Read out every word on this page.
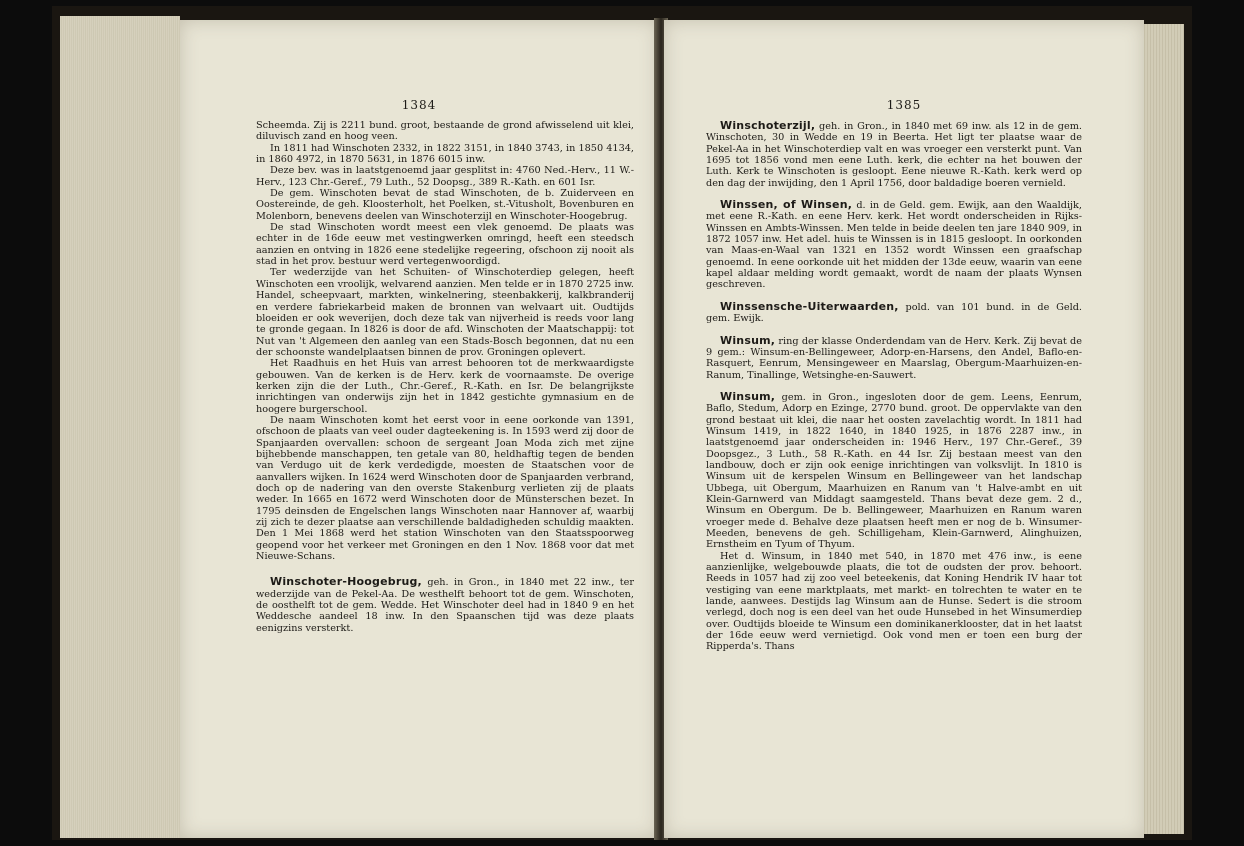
1384

Scheemda. Zij is 2211 bund. groot, bestaande de grond afwisselend uit klei, diluvisch zand en hoog veen.

In 1811 had Winschoten 2332, in 1822 3151, in 1840 3743, in 1850 4134, in 1860 4972, in 1870 5631, in 1876 6015 inw.

Deze bev. was in laatstgenoemd jaar gesplitst in: 4760 Ned.-Herv., 11 W.-Herv., 123 Chr.-Geref., 79 Luth., 52 Doopsg., 389 R.-Kath. en 601 Isr.

De gem. Winschoten bevat de stad Winschoten, de b. Zuiderveen en Oostereinde, de geh. Kloosterholt, het Poelken, st.-Vitusholt, Bovenburen en Molenborn, benevens deelen van Winschoterzijl en Winschoter-Hoogebrug.

De stad Winschoten wordt meest een vlek genoemd. De plaats was echter in de 16de eeuw met vestingwerken omringd, heeft een steedsch aanzien en ontving in 1826 eene stedelijke regeering, ofschoon zij nooit als stad in het prov. bestuur werd vertegenwoordigd.

Ter wederzijde van het Schuiten- of Winschoterdiep gelegen, heeft Winschoten een vroolijk, welvarend aanzien. Men telde er in 1870 2725 inw. Handel, scheepvaart, markten, winkelnering, steenbakkerij, kalkbranderij en verdere fabriekarbeid maken de bronnen van welvaart uit. Oudtijds bloeiden er ook weverijen, doch deze tak van nijverheid is reeds voor lang te gronde gegaan. In 1826 is door de afd. Winschoten der Maatschappij: tot Nut van 't Algemeen den aanleg van een Stads-Bosch begonnen, dat nu een der schoonste wandelplaatsen binnen de prov. Groningen oplevert.

Het Raadhuis en het Huis van arrest behooren tot de merkwaardigste gebouwen. Van de kerken is de Herv. kerk de voornaamste. De overige kerken zijn die der Luth., Chr.-Geref., R.-Kath. en Isr. De belangrijkste inrichtingen van onderwijs zijn het in 1842 gestichte gymnasium en de hoogere burgerschool.

De naam Winschoten komt het eerst voor in eene oorkonde van 1391, ofschoon de plaats van veel ouder dagteekening is. In 1593 werd zij door de Spanjaarden overvallen: schoon de sergeant Joan Moda zich met zijne bijhebbende manschappen, ten getale van 80, heldhaftig tegen de benden van Verdugo uit de kerk verdedigde, moesten de Staatschen voor de aanvallers wijken. In 1624 werd Winschoten door de Spanjaarden verbrand, doch op de nadering van den overste Stakenburg verlieten zij de plaats weder. In 1665 en 1672 werd Winschoten door de Münsterschen bezet. In 1795 deinsden de Engelschen langs Winschoten naar Hannover af, waarbij zij zich te dezer plaatse aan verschillende baldadigheden schuldig maakten. Den 1 Mei 1868 werd het station Winschoten van den Staatsspoorweg geopend voor het verkeer met Groningen en den 1 Nov. 1868 voor dat met Nieuwe-Schans.

Winschoter-Hoogebrug, geh. in Gron., in 1840 met 22 inw., ter wederzijde van de Pekel-Aa. De westhelft behoort tot de gem. Winschoten, de oosthelft tot de gem. Wedde. Het Winschoter deel had in 1840 9 en het Weddesche aandeel 18 inw. In den Spaanschen tijd was deze plaats eenigzins versterkt.

1385

Winschoterzijl, geh. in Gron., in 1840 met 69 inw. als 12 in de gem. Winschoten, 30 in Wedde en 19 in Beerta. Het ligt ter plaatse waar de Pekel-Aa in het Winschoterdiep valt en was vroeger een versterkt punt. Van 1695 tot 1856 vond men eene Luth. kerk, die echter na het bouwen der Luth. Kerk te Winschoten is gesloopt. Eene nieuwe R.-Kath. kerk werd op den dag der inwijding, den 1 April 1756, door baldadige boeren vernield.

Winssen, of Winsen, d. in de Geld. gem. Ewijk, aan den Waaldijk, met eene R.-Kath. en eene Herv. kerk. Het wordt onderscheiden in Rijks-Winssen en Ambts-Winssen. Men telde in beide deelen ten jare 1840 909, in 1872 1057 inw. Het adel. huis te Winssen is in 1815 gesloopt. In oorkonden van Maas-en-Waal van 1321 en 1352 wordt Winssen een graafschap genoemd. In eene oorkonde uit het midden der 13de eeuw, waarin van eene kapel aldaar melding wordt gemaakt, wordt de naam der plaats Wynsen geschreven.

Winssensche-Uiterwaarden, pold. van 101 bund. in de Geld. gem. Ewijk.

Winsum, ring der klasse Onderdendam van de Herv. Kerk. Zij bevat de 9 gem.: Winsum-en-Bellingeweer, Adorp-en-Harsens, den Andel, Baflo-en-Rasquert, Eenrum, Mensingeweer en Maarslag, Obergum-Maarhuizen-en-Ranum, Tinallinge, Wetsinghe-en-Sauwert.

Winsum, gem. in Gron., ingesloten door de gem. Leens, Eenrum, Baflo, Stedum, Adorp en Ezinge, 2770 bund. groot. De oppervlakte van den grond bestaat uit klei, die naar het oosten zavelachtig wordt. In 1811 had Winsum 1419, in 1822 1640, in 1840 1925, in 1876 2287 inw., in laatstgenoemd jaar onderscheiden in: 1946 Herv., 197 Chr.-Geref., 39 Doopsgez., 3 Luth., 58 R.-Kath. en 44 Isr. Zij bestaan meest van den landbouw, doch er zijn ook eenige inrichtingen van volksvlijt. In 1810 is Winsum uit de kerspelen Winsum en Bellingeweer van het landschap Ubbega, uit Obergum, Maarhuizen en Ranum van 't Halve-ambt en uit Klein-Garnwerd van Middagt saamgesteld. Thans bevat deze gem. 2 d., Winsum en Obergum. De b. Bellingeweer, Maarhuizen en Ranum waren vroeger mede d. Behalve deze plaatsen heeft men er nog de b. Winsumer-Meeden, benevens de geh. Schilligeham, Klein-Garnwerd, Alinghuizen, Ernstheim en Tyum of Thyum.

Het d. Winsum, in 1840 met 540, in 1870 met 476 inw., is eene aanzienlijke, welgebouwde plaats, die tot de oudsten der prov. behoort. Reeds in 1057 had zij zoo veel beteekenis, dat Koning Hendrik IV haar tot vestiging van eene marktplaats, met markt- en tolrechten te water en te lande, aanwees. Destijds lag Winsum aan de Hunse. Sedert is die stroom verlegd, doch nog is een deel van het oude Hunsebed in het Winsumerdiep over. Oudtijds bloeide te Winsum een dominikanerklooster, dat in het laatst der 16de eeuw werd vernietigd. Ook vond men er toen een burg der Ripperda's. Thans
